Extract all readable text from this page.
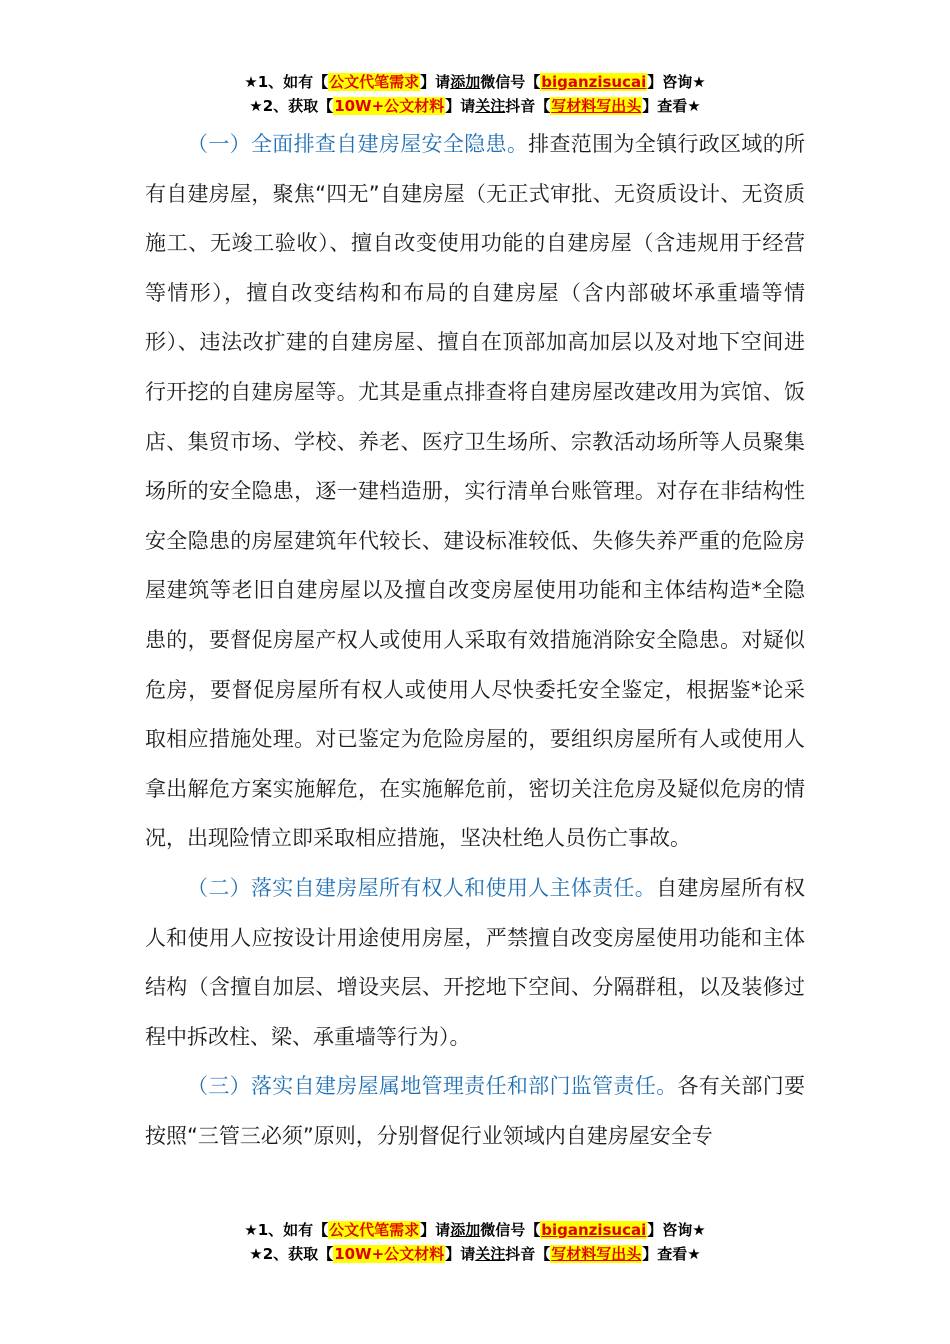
★1、如有【公文代笔需求】请添加微信号【biganzisucai】咨询★
★2、获取【10W+公文材料】请关注抖音【写材料写出头】查看★

（一）全面排查自建房屋安全隐患。排查范围为全镇行政区域的所有自建房屋，聚焦“四无”自建房屋（无正式审批、无资质设计、无资质施工、无竣工验收）、擅自改变使用功能的自建房屋（含违规用于经营等情形），擅自改变结构和布局的自建房屋（含内部破坏承重墙等情形）、违法改扩建的自建房屋、擅自在顶部加高加层以及对地下空间进行开挖的自建房屋等。尤其是重点排查将自建房屋改建改用为宾馆、饭店、集贸市场、学校、养老、医疗卫生场所、宗教活动场所等人员聚集场所的安全隐患，逐一建档造册，实行清单台账管理。对存在非结构性安全隐患的房屋建筑年代较长、建设标准较低、失修失养严重的危险房屋建筑等老旧自建房屋以及擅自改变房屋使用功能和主体结构造*全隐患的，要督促房屋产权人或使用人采取有效措施消除安全隐患。对疑似危房，要督促房屋所有权人或使用人尽快委托安全鉴定，根据鉴*论采取相应措施处理。对已鉴定为危险房屋的，要组织房屋所有人或使用人拿出解危方案实施解危，在实施解危前，密切关注危房及疑似危房的情况，出现险情立即采取相应措施，坚决杜绝人员伤亡事故。

（二）落实自建房屋所有权人和使用人主体责任。自建房屋所有权人和使用人应按设计用途使用房屋，严禁擅自改变房屋使用功能和主体结构（含擅自加层、增设夹层、开挖地下空间、分隔群租，以及装修过程中拆改柱、梁、承重墙等行为）。

（三）落实自建房屋属地管理责任和部门监管责任。各有关部门要按照“三管三必须”原则，分别督促行业领域内自建房屋安全专

★1、如有【公文代笔需求】请添加微信号【biganzisucai】咨询★
★2、获取【10W+公文材料】请关注抖音【写材料写出头】查看★
